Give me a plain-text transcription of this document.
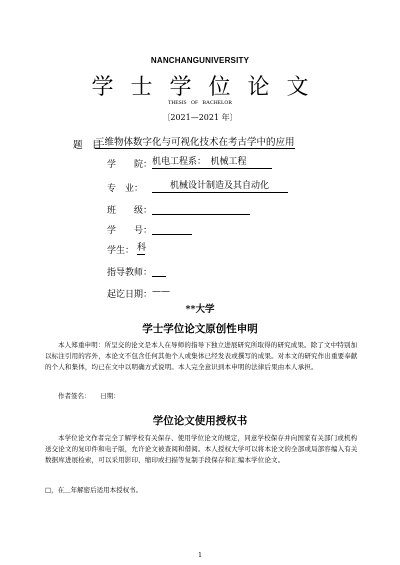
NANCHANGUNIVERSITY
学士学位论文
THESIS OF BACHELOR
〔2021—2021 年〕
题　目
三维物体数字化与可视化技术在考古学中的应用
学　　院： 机电工程系：　机械工程
专　业： 　　机械设计制造及其自动化
班　　级：
学　　号：
学生： 科
指导教师：
起讫日期： ——
**大学
学士学位论文原创性申明
本人郑重申明：所呈交的论文是本人在导师的指导下独立进展研究所取得的研究成果。除了文中特别加以标注引用的容外，本论文不包含任何其他个人或集体已经发表或撰写的成果。对本文的研究作出重要奉献的个人和集体，均已在文中以明确方式说明。本人完全意识到本申明的法律后果由本人承担。
作者签名：　　日期：
学位论文使用授权书
本学位论文作者完全了解学校有关保存、使用学位论文的规定，同意学校保存并向国家有关部门或机构送交论文的复印件和电子版，允许论文被查阅和借阅。本人授权大学可以将本论文的全部或局部容编入有关数据库进展检索，可以采用影印、缩印或扫描等复制手段保存和汇编本学位论文。
□，在＿年解密后适用本授权书。
1
